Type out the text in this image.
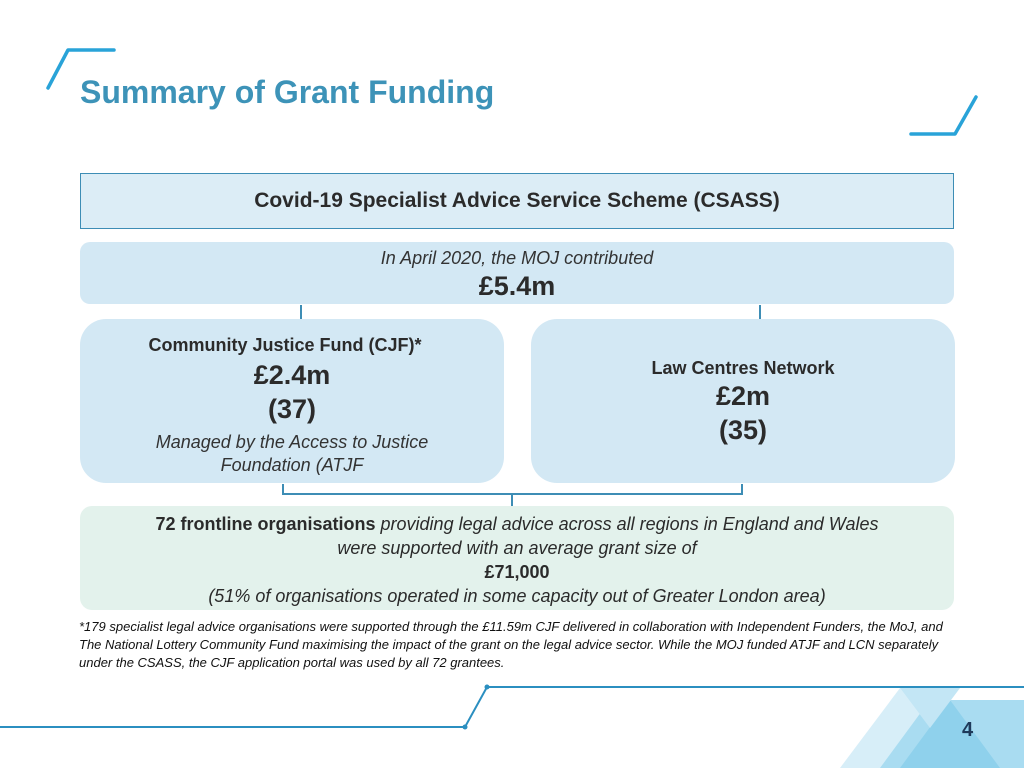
Summary of Grant Funding
Covid-19 Specialist Advice Service Scheme (CSASS)
In April 2020, the MOJ contributed
£5.4m
Community Justice Fund (CJF)*
£2.4m
(37)
Managed by the Access to Justice
Foundation (ATJF
Law Centres Network
£2m
(35)
72 frontline organisations providing legal advice across all regions in England and Wales
were supported with an average grant size of
£71,000
(51% of organisations operated in some capacity out of Greater London area)

*179 specialist legal advice organisations were supported through the £11.59m CJF delivered in collaboration with Independent Funders, the MoJ, and The National Lottery Community Fund maximising the impact of the grant on the legal advice sector. While the MOJ funded ATJF and LCN separately under the CSASS, the CJF application portal was used by all 72 grantees.

4
